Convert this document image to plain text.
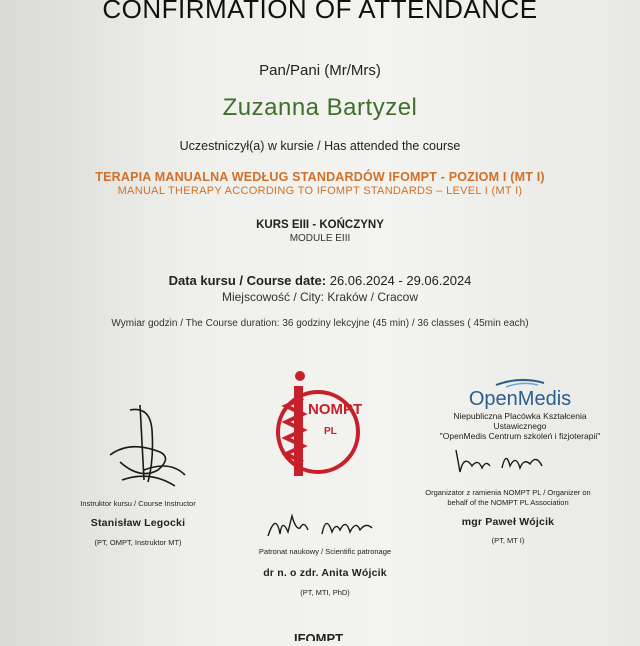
CONFIRMATION OF ATTENDANCE
Pan/Pani (Mr/Mrs)
Zuzanna Bartyzel
Uczestniczył(a) w kursie / Has attended the course
TERAPIA MANUALNA WEDŁUG STANDARDÓW IFOMPT - POZIOM I (MT I)
MANUAL THERAPY ACCORDING TO IFOMPT STANDARDS – LEVEL I (MT I)
KURS EIII - KOŃCZYNY
MODULE EIII
Data kursu / Course date: 26.06.2024 - 29.06.2024
Miejscowość / City: Kraków / Cracow
Wymiar godzin / The Course duration: 36 godziny lekcyjne (45 min) / 36 classes ( 45min each)
NOMPT
PL
OpenMedis
Niepubliczna Placówka Kształcenia Ustawicznego
"OpenMedis Centrum szkoleń i fizjoterapii"
Instruktor kursu / Course Instructor
Stanisław Legocki
(PT, OMPT, Instruktor MT)
Patronat naukowy / Scientific patronage
dr n. o zdr. Anita Wójcik
(PT, MTI, PhD)
Organizator z ramienia NOMPT PL / Organizer on
behalf of the NOMPT PL Association
mgr Paweł Wójcik
(PT, MT I)
IFOMPT
